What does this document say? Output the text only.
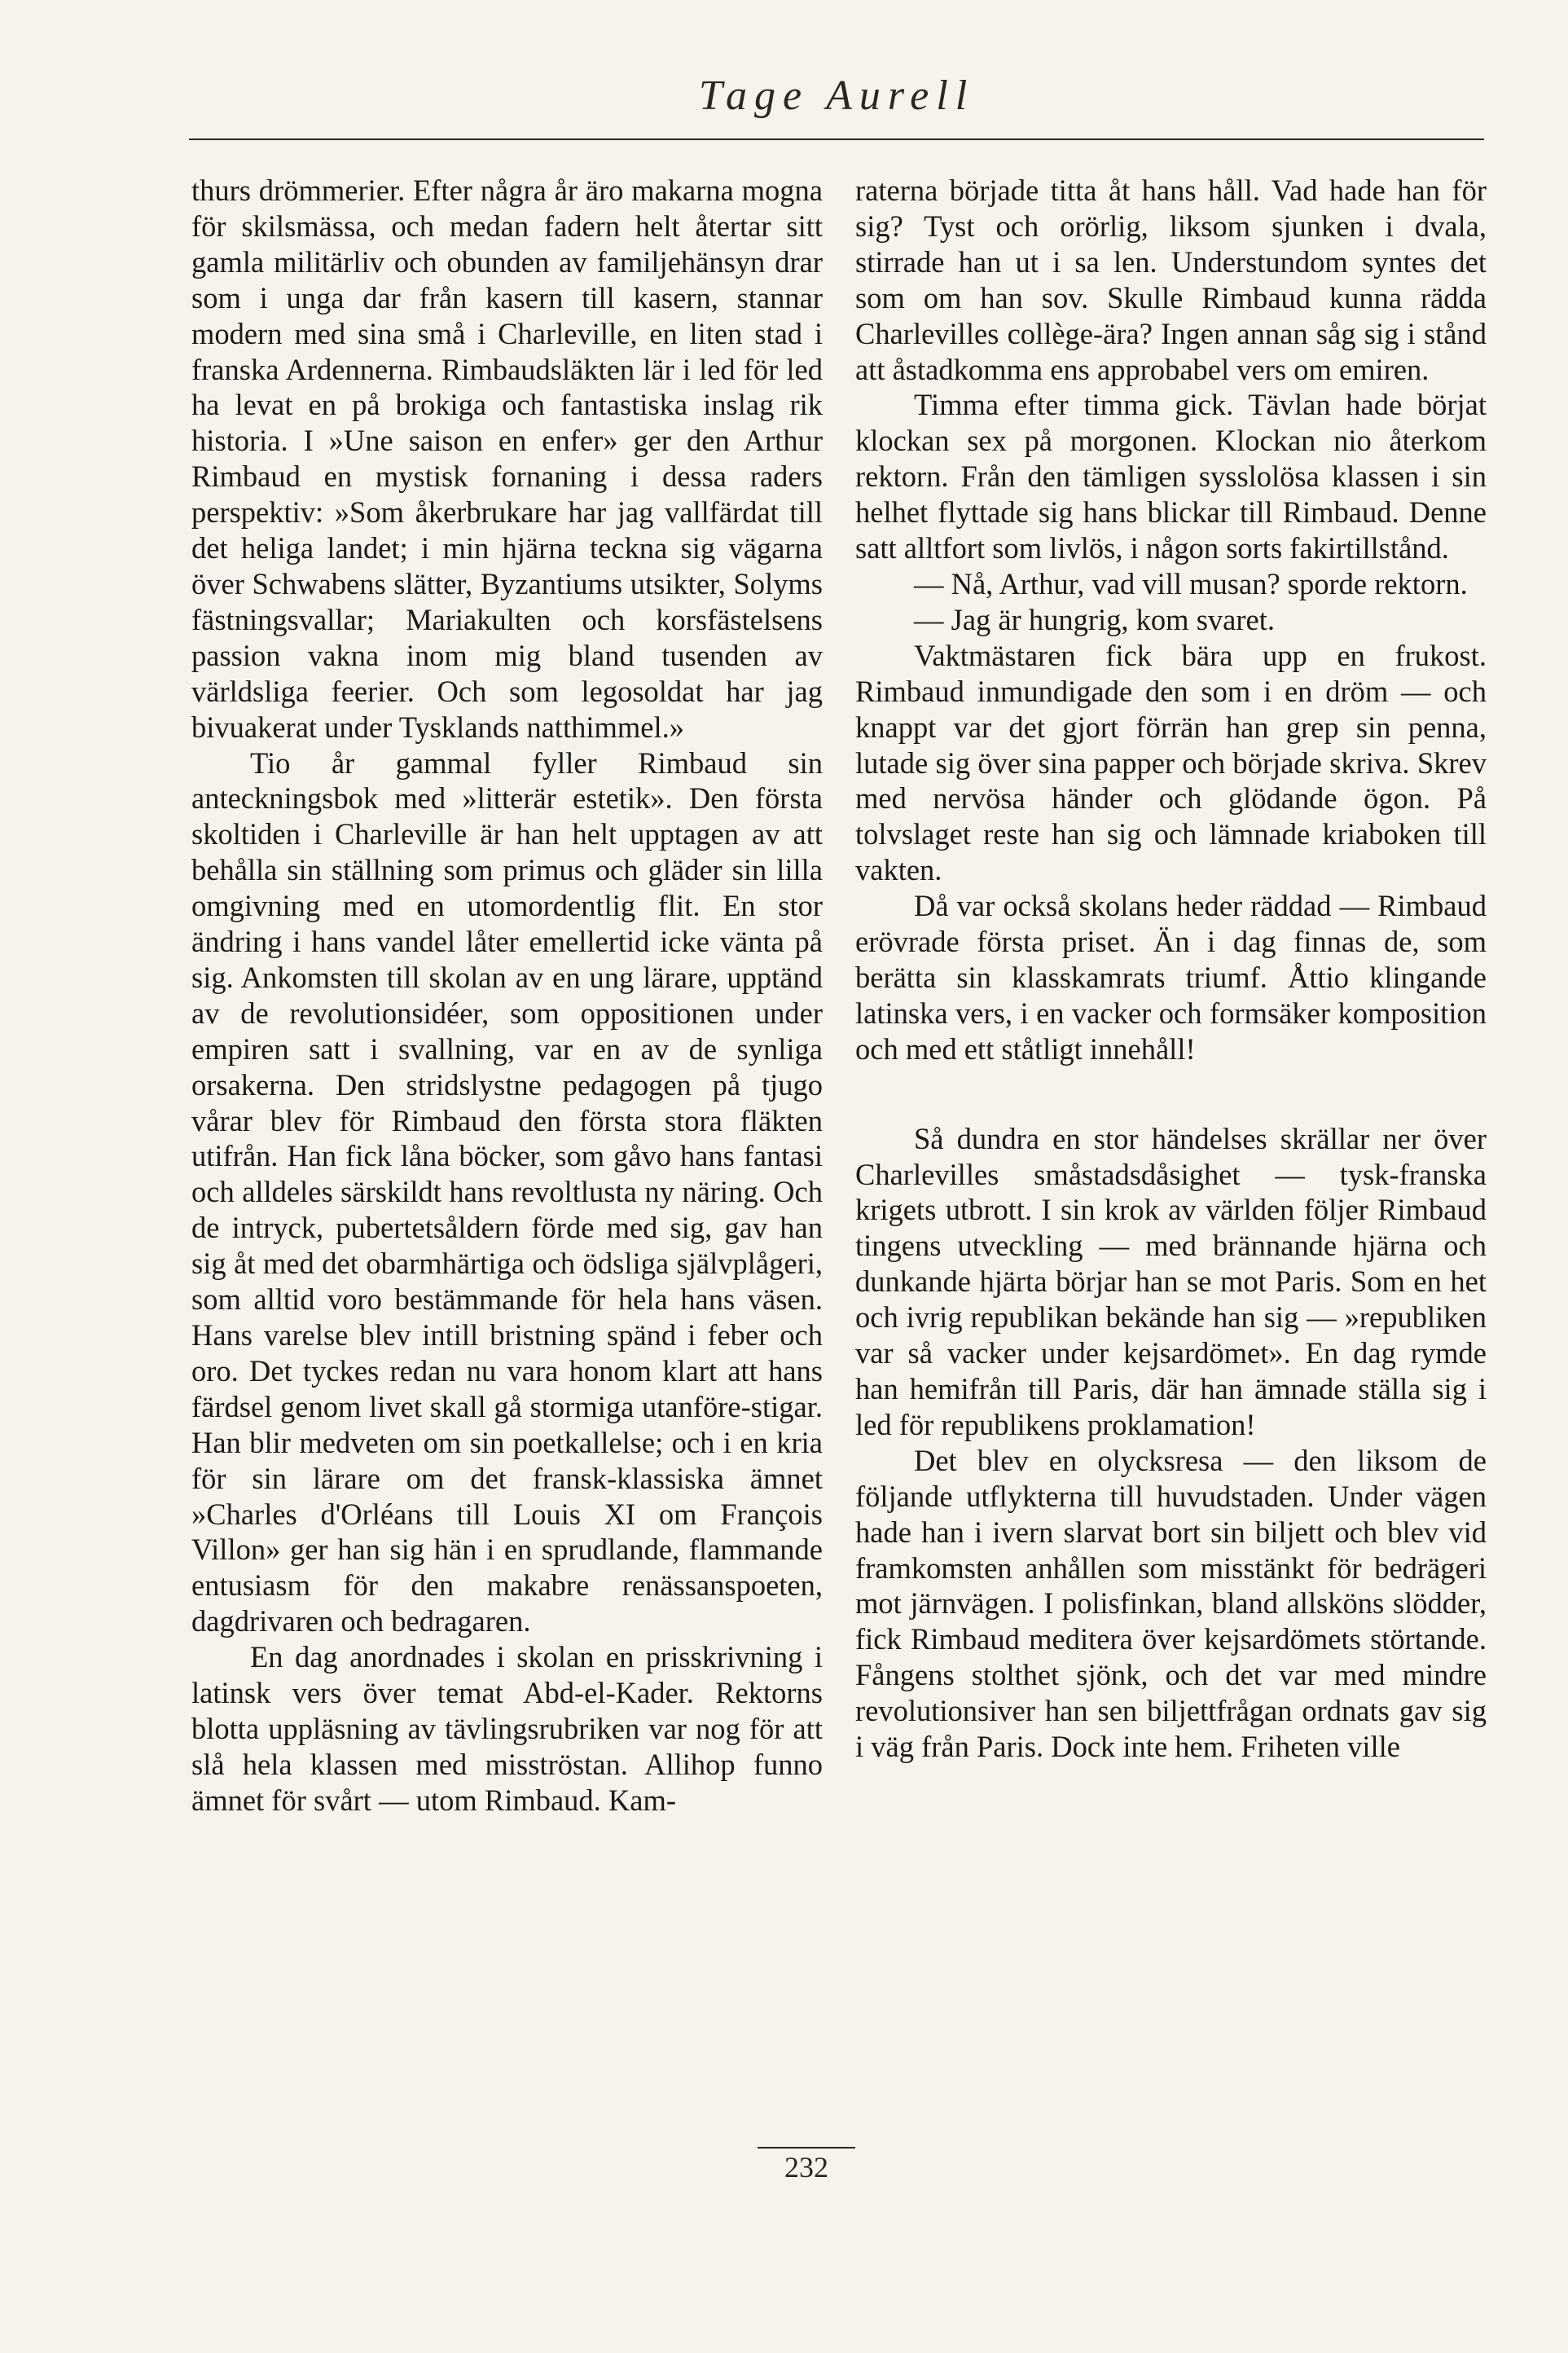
Tage Aurell

thurs drömmerier. Efter några år äro makarna mogna för skilsmässa, och medan fadern helt återtar sitt gamla militärliv och obunden av familjehänsyn drar som i unga dar från kasern till kasern, stannar modern med sina små i Charleville, en liten stad i franska Ardennerna. Rimbaudsläkten lär i led för led ha levat en på brokiga och fantastiska inslag rik historia. I »Une saison en enfer» ger den Arthur Rimbaud en mystisk fornaning i dessa raders perspektiv: »Som åkerbrukare har jag vallfärdat till det heliga landet; i min hjärna teckna sig vägarna över Schwabens slätter, Byzantiums utsikter, Solyms fästningsvallar; Mariakulten och korsfästelsens passion vakna inom mig bland tusenden av världsliga feerier. Och som legosoldat har jag bivuakerat under Tysklands natthimmel.»

Tio år gammal fyller Rimbaud sin anteckningsbok med »litterär estetik». Den första skoltiden i Charleville är han helt upptagen av att behålla sin ställning som primus och gläder sin lilla omgivning med en utomordentlig flit. En stor ändring i hans vandel låter emellertid icke vänta på sig. Ankomsten till skolan av en ung lärare, upptänd av de revolutionsidéer, som oppositionen under empiren satt i svallning, var en av de synliga orsakerna. Den stridslystne pedagogen på tjugo vårar blev för Rimbaud den första stora fläkten utifrån. Han fick låna böcker, som gåvo hans fantasi och alldeles särskildt hans revoltlusta ny näring. Och de intryck, pubertetsåldern förde med sig, gav han sig åt med det obarmhärtiga och ödsliga självplågeri, som alltid voro bestämmande för hela hans väsen. Hans varelse blev intill bristning spänd i feber och oro. Det tyckes redan nu vara honom klart att hans färdsel genom livet skall gå stormiga utanföre-stigar. Han blir medveten om sin poetkallelse; och i en kria för sin lärare om det fransk-klassiska ämnet »Charles d'Orléans till Louis XI om François Villon» ger han sig hän i en sprudlande, flammande entusiasm för den makabre renässanspoeten, dagdrivaren och bedragaren.

En dag anordnades i skolan en prisskrivning i latinsk vers över temat Abd-el-Kader. Rektorns blotta uppläsning av tävlingsrubriken var nog för att slå hela klassen med misströstan. Allihop funno ämnet för svårt — utom Rimbaud. Kam-

raterna började titta åt hans håll. Vad hade han för sig? Tyst och orörlig, liksom sjunken i dvala, stirrade han ut i sa len. Understundom syntes det som om han sov. Skulle Rimbaud kunna rädda Charlevilles collège-ära? Ingen annan såg sig i stånd att åstadkomma ens approbabel vers om emiren.

Timma efter timma gick. Tävlan hade börjat klockan sex på morgonen. Klockan nio återkom rektorn. Från den tämligen sysslolösa klassen i sin helhet flyttade sig hans blickar till Rimbaud. Denne satt alltfort som livlös, i någon sorts fakirtillstånd.

— Nå, Arthur, vad vill musan? sporde rektorn.

— Jag är hungrig, kom svaret.

Vaktmästaren fick bära upp en frukost. Rimbaud inmundigade den som i en dröm — och knappt var det gjort förrän han grep sin penna, lutade sig över sina papper och började skriva. Skrev med nervösa händer och glödande ögon. På tolvslaget reste han sig och lämnade kriaboken till vakten.

Då var också skolans heder räddad — Rimbaud erövrade första priset. Än i dag finnas de, som berätta sin klasskamrats triumf. Åttio klingande latinska vers, i en vacker och formsäker komposition och med ett ståtligt innehåll!

Så dundra en stor händelses skrällar ner över Charlevilles småstadsdåsighet — tysk-franska krigets utbrott. I sin krok av världen följer Rimbaud tingens utveckling — med brännande hjärna och dunkande hjärta börjar han se mot Paris. Som en het och ivrig republikan bekände han sig — »republiken var så vacker under kejsardömet». En dag rymde han hemifrån till Paris, där han ämnade ställa sig i led för republikens proklamation!

Det blev en olycksresa — den liksom de följande utflykterna till huvudstaden. Under vägen hade han i ivern slarvat bort sin biljett och blev vid framkomsten anhållen som misstänkt för bedrägeri mot järnvägen. I polisfinkan, bland allsköns slödder, fick Rimbaud meditera över kejsardömets störtande. Fångens stolthet sjönk, och det var med mindre revolutionsiver han sen biljettfrågan ordnats gav sig i väg från Paris. Dock inte hem. Friheten ville

232
